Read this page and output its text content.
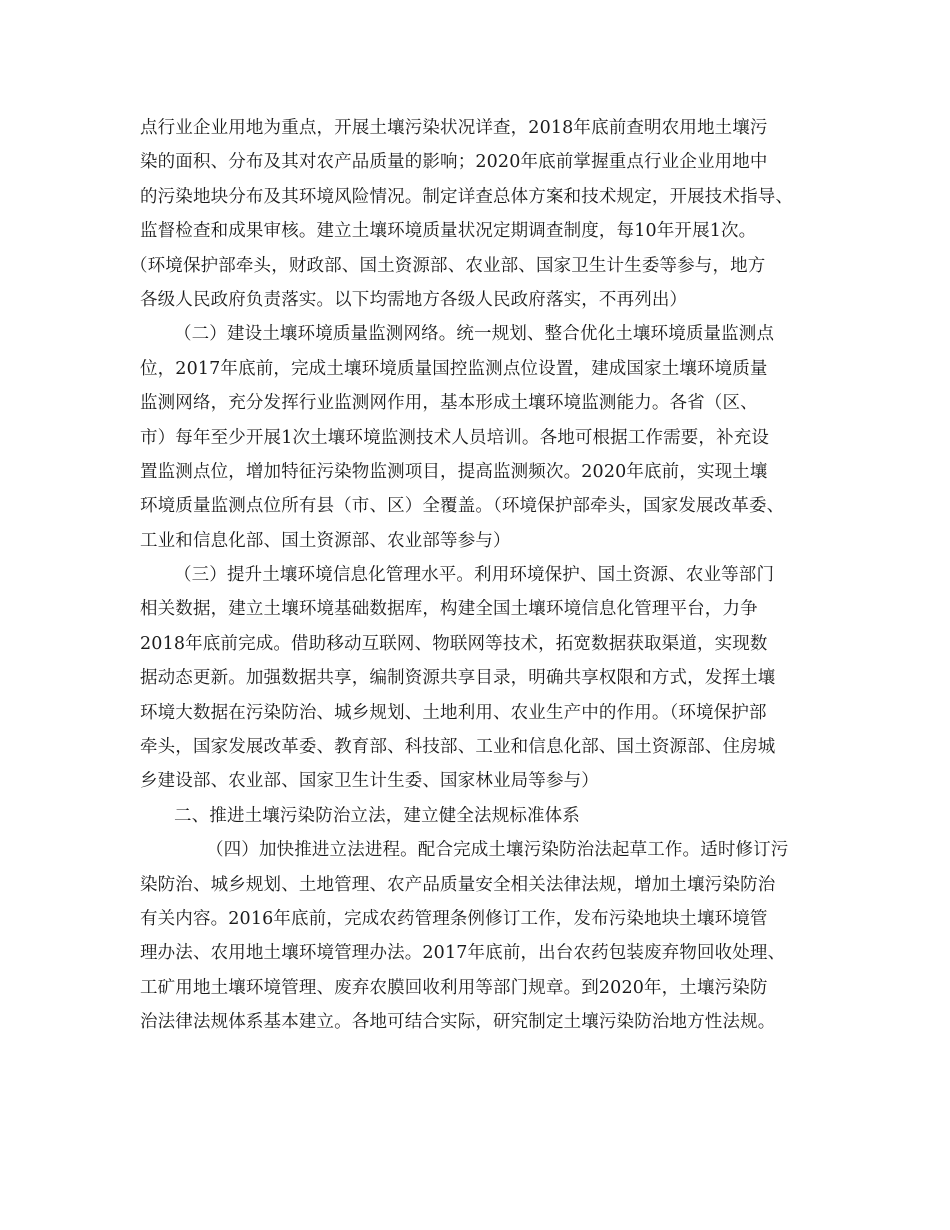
点行业企业用地为重点，开展土壤污染状况详查，2018年底前查明农用地土壤污
染的面积、分布及其对农产品质量的影响；2020年底前掌握重点行业企业用地中
的污染地块分布及其环境风险情况。制定详查总体方案和技术规定，开展技术指导、
监督检查和成果审核。建立土壤环境质量状况定期调查制度，每10年开展1次。
（环境保护部牵头，财政部、国土资源部、农业部、国家卫生计生委等参与，地方
各级人民政府负责落实。以下均需地方各级人民政府落实，不再列出）
（二）建设土壤环境质量监测网络。统一规划、整合优化土壤环境质量监测点
位，2017年底前，完成土壤环境质量国控监测点位设置，建成国家土壤环境质量
监测网络，充分发挥行业监测网作用，基本形成土壤环境监测能力。各省（区、
市）每年至少开展1次土壤环境监测技术人员培训。各地可根据工作需要，补充设
置监测点位，增加特征污染物监测项目，提高监测频次。2020年底前，实现土壤
环境质量监测点位所有县（市、区）全覆盖。（环境保护部牵头，国家发展改革委、
工业和信息化部、国土资源部、农业部等参与）
（三）提升土壤环境信息化管理水平。利用环境保护、国土资源、农业等部门
相关数据，建立土壤环境基础数据库，构建全国土壤环境信息化管理平台，力争
2018年底前完成。借助移动互联网、物联网等技术，拓宽数据获取渠道，实现数
据动态更新。加强数据共享，编制资源共享目录，明确共享权限和方式，发挥土壤
环境大数据在污染防治、城乡规划、土地利用、农业生产中的作用。（环境保护部
牵头，国家发展改革委、教育部、科技部、工业和信息化部、国土资源部、住房城
乡建设部、农业部、国家卫生计生委、国家林业局等参与）
二、推进土壤污染防治立法，建立健全法规标准体系
（四）加快推进立法进程。配合完成土壤污染防治法起草工作。适时修订污
染防治、城乡规划、土地管理、农产品质量安全相关法律法规，增加土壤污染防治
有关内容。2016年底前，完成农药管理条例修订工作，发布污染地块土壤环境管
理办法、农用地土壤环境管理办法。2017年底前，出台农药包装废弃物回收处理、
工矿用地土壤环境管理、废弃农膜回收利用等部门规章。到2020年，土壤污染防
治法律法规体系基本建立。各地可结合实际，研究制定土壤污染防治地方性法规。
